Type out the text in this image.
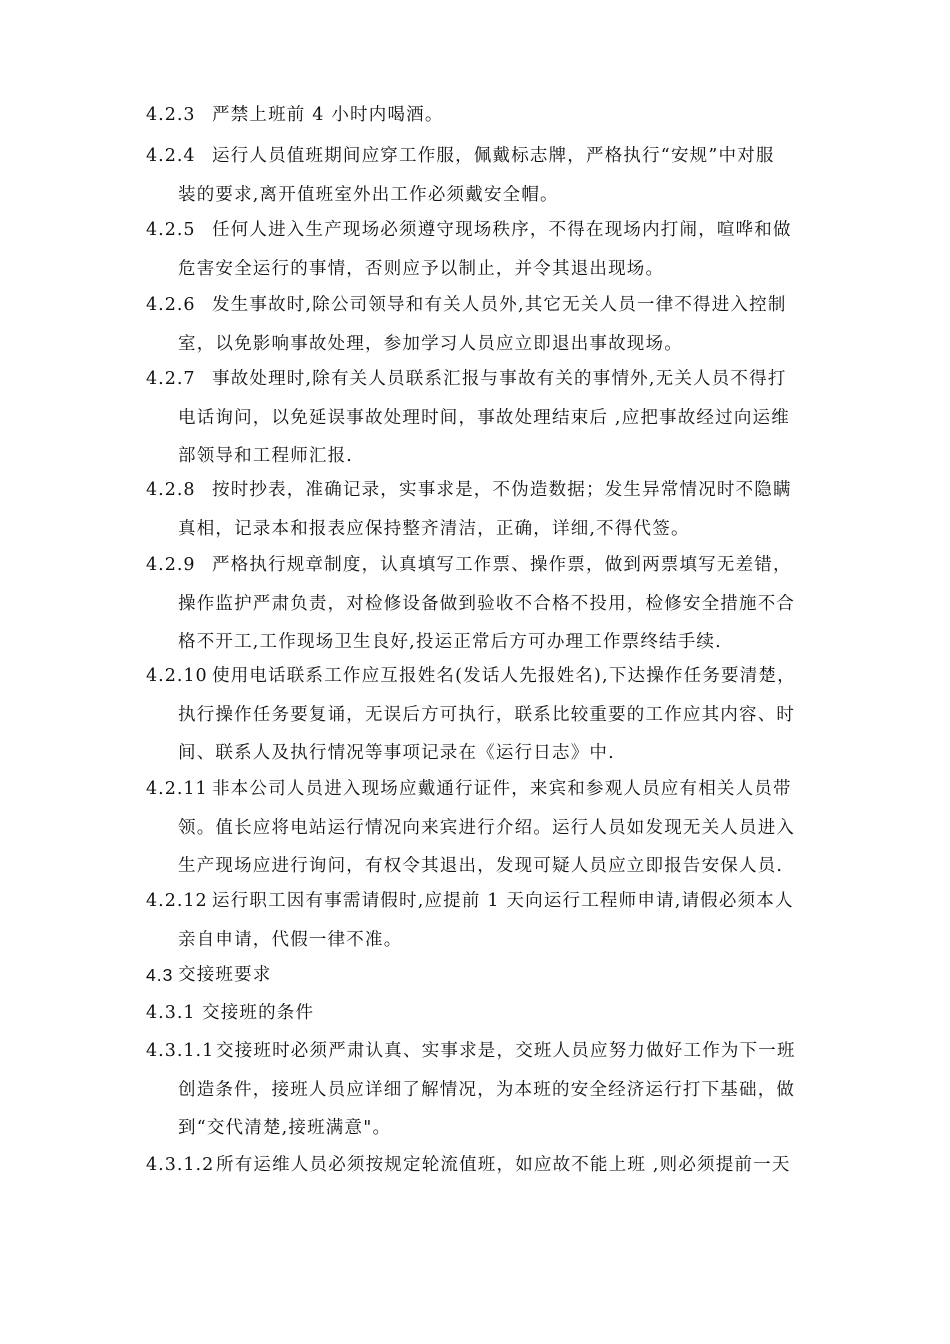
4.2.3 严禁上班前 4 小时内喝酒。
4.2.4 运行人员值班期间应穿工作服，佩戴标志牌，严格执行“安规”中对服
装的要求,离开值班室外出工作必须戴安全帽。
4.2.5 任何人进入生产现场必须遵守现场秩序，不得在现场内打闹，喧哗和做
危害安全运行的事情，否则应予以制止，并令其退出现场。
4.2.6 发生事故时,除公司领导和有关人员外,其它无关人员一律不得进入控制
室，以免影响事故处理，参加学习人员应立即退出事故现场。
4.2.7 事故处理时,除有关人员联系汇报与事故有关的事情外,无关人员不得打
电话询问，以免延误事故处理时间，事故处理结束后 ,应把事故经过向运维
部领导和工程师汇报.
4.2.8 按时抄表，准确记录，实事求是，不伪造数据；发生异常情况时不隐瞒
真相，记录本和报表应保持整齐清洁，正确，详细,不得代签。
4.2.9 严格执行规章制度，认真填写工作票、操作票，做到两票填写无差错，
操作监护严肃负责，对检修设备做到验收不合格不投用，检修安全措施不合
格不开工,工作现场卫生良好,投运正常后方可办理工作票终结手续.
4.2.10 使用电话联系工作应互报姓名(发话人先报姓名),下达操作任务要清楚，
执行操作任务要复诵，无误后方可执行，联系比较重要的工作应其内容、时
间、联系人及执行情况等事项记录在《运行日志》中.
4.2.11 非本公司人员进入现场应戴通行证件，来宾和参观人员应有相关人员带
领。值长应将电站运行情况向来宾进行介绍。运行人员如发现无关人员进入
生产现场应进行询问，有权令其退出，发现可疑人员应立即报告安保人员.
4.2.12 运行职工因有事需请假时,应提前 1 天向运行工程师申请,请假必须本人
亲自申请，代假一律不准。
4.3 交接班要求
4.3.1 交接班的条件
4.3.1.1 交接班时必须严肃认真、实事求是，交班人员应努力做好工作为下一班
创造条件，接班人员应详细了解情况，为本班的安全经济运行打下基础，做
到“交代清楚,接班满意"。
4.3.1.2 所有运维人员必须按规定轮流值班，如应故不能上班 ,则必须提前一天
